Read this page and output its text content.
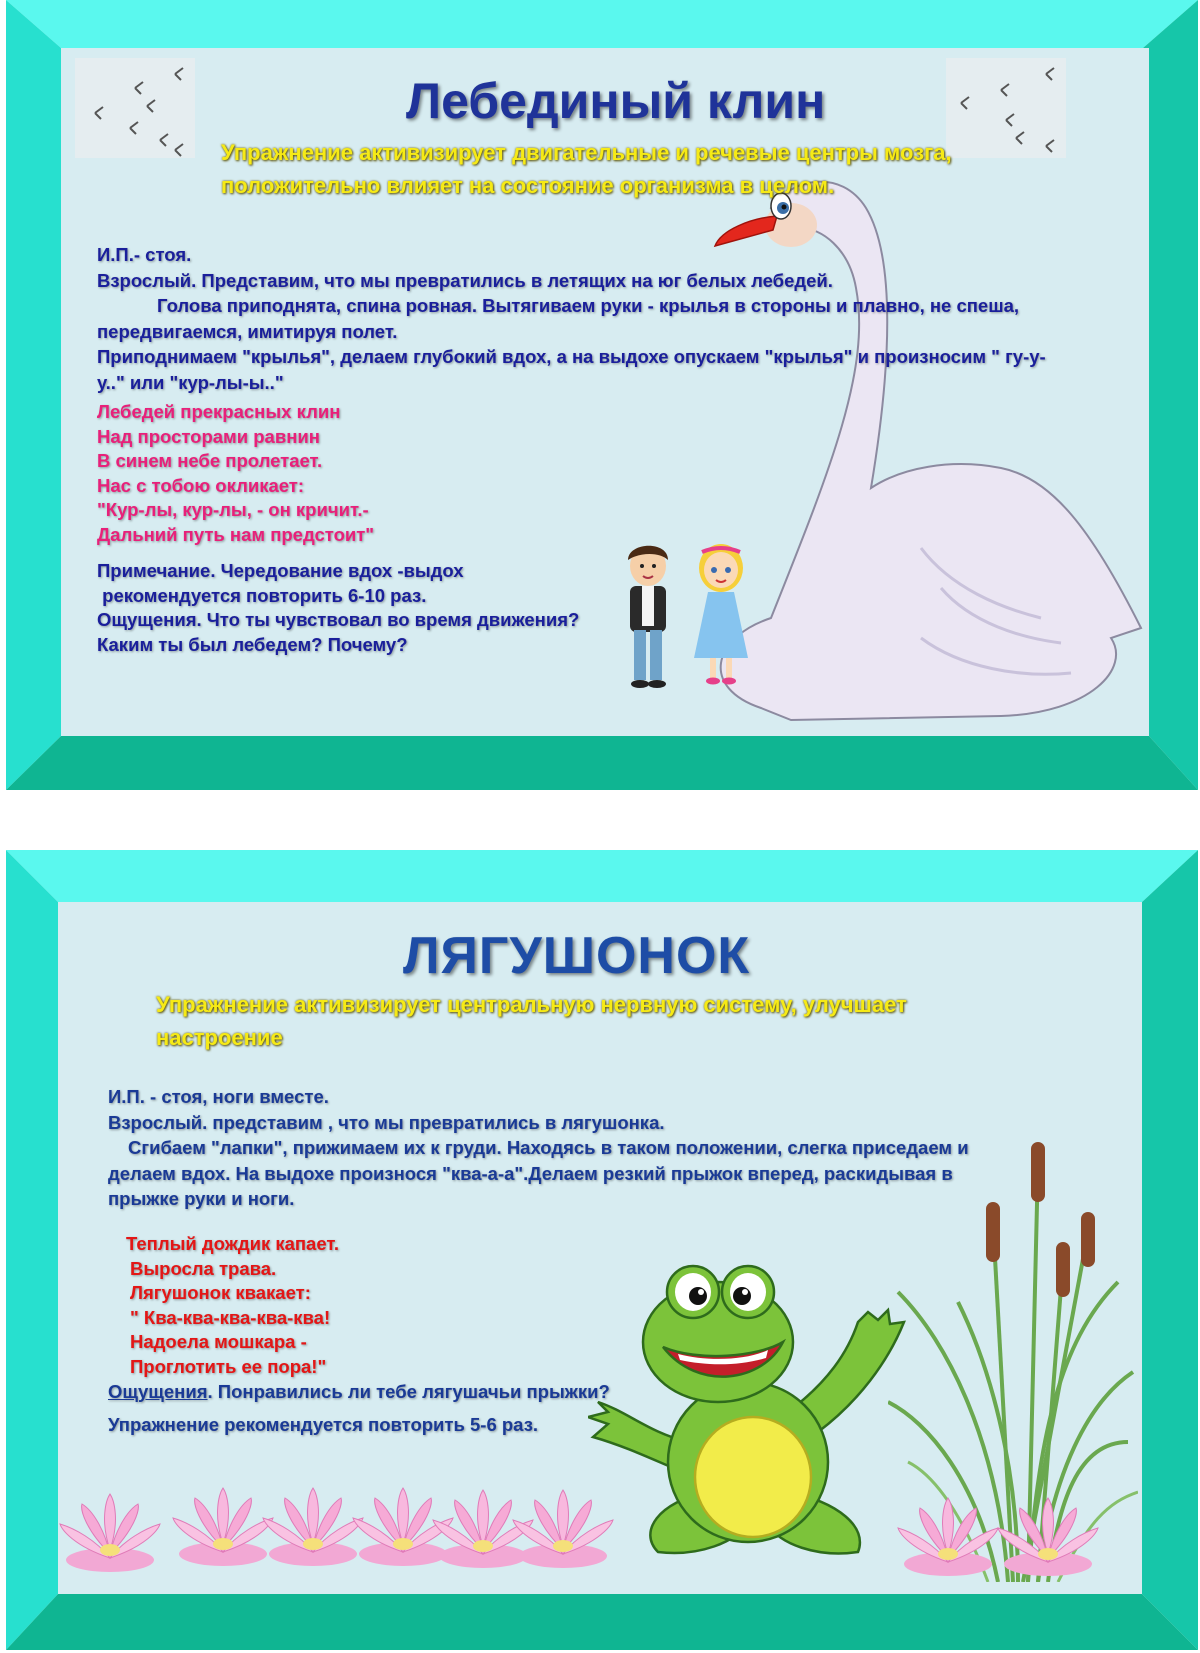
Лебединый клин

Упражнение активизирует двигательные и речевые центры мозга, положительно влияет на состояние организма в целом.

И.П.- стоя.

Взрослый. Представим, что мы превратились в летящих на юг белых лебедей.

Голова приподнята, спина ровная. Вытягиваем руки - крылья в стороны и плавно, не спеша, передвигаемся, имитируя полет.

Приподнимаем "крылья", делаем глубокий вдох, а на выдохе опускаем "крылья" и произносим " гу-у-у.." или "кур-лы-ы.."

Лебедей прекрасных клин
Над просторами равнин
В синем небе пролетает.
Нас с тобою окликает:
"Кур-лы, кур-лы, - он кричит.-
Дальний путь нам предстоит"
Примечание. Чередование вдох -выдох
рекомендуется повторить 6-10 раз.
Ощущения. Что ты чувствовал во время движения?
Каким ты был лебедем? Почему?
ЛЯГУШОНОК

Упражнение активизирует центральную нервную систему, улучшает настроение

И.П. - стоя, ноги вместе.

Взрослый. представим , что мы превратились в лягушонка.

Сгибаем "лапки", прижимаем их к груди. Находясь в таком положении, слегка приседаем и делаем вдох. На выдохе произнося "ква-а-а".Делаем резкий прыжок вперед, раскидывая в прыжке руки и ноги.

Теплый дождик капает.
Выросла трава.
Лягушонок квакает:
" Ква-ква-ква-ква-ква!
Надоела мошкара -
Проглотить ее пора!"
Ощущения. Понравились ли тебе лягушачьи прыжки?
Упражнение рекомендуется повторить 5-6 раз.
